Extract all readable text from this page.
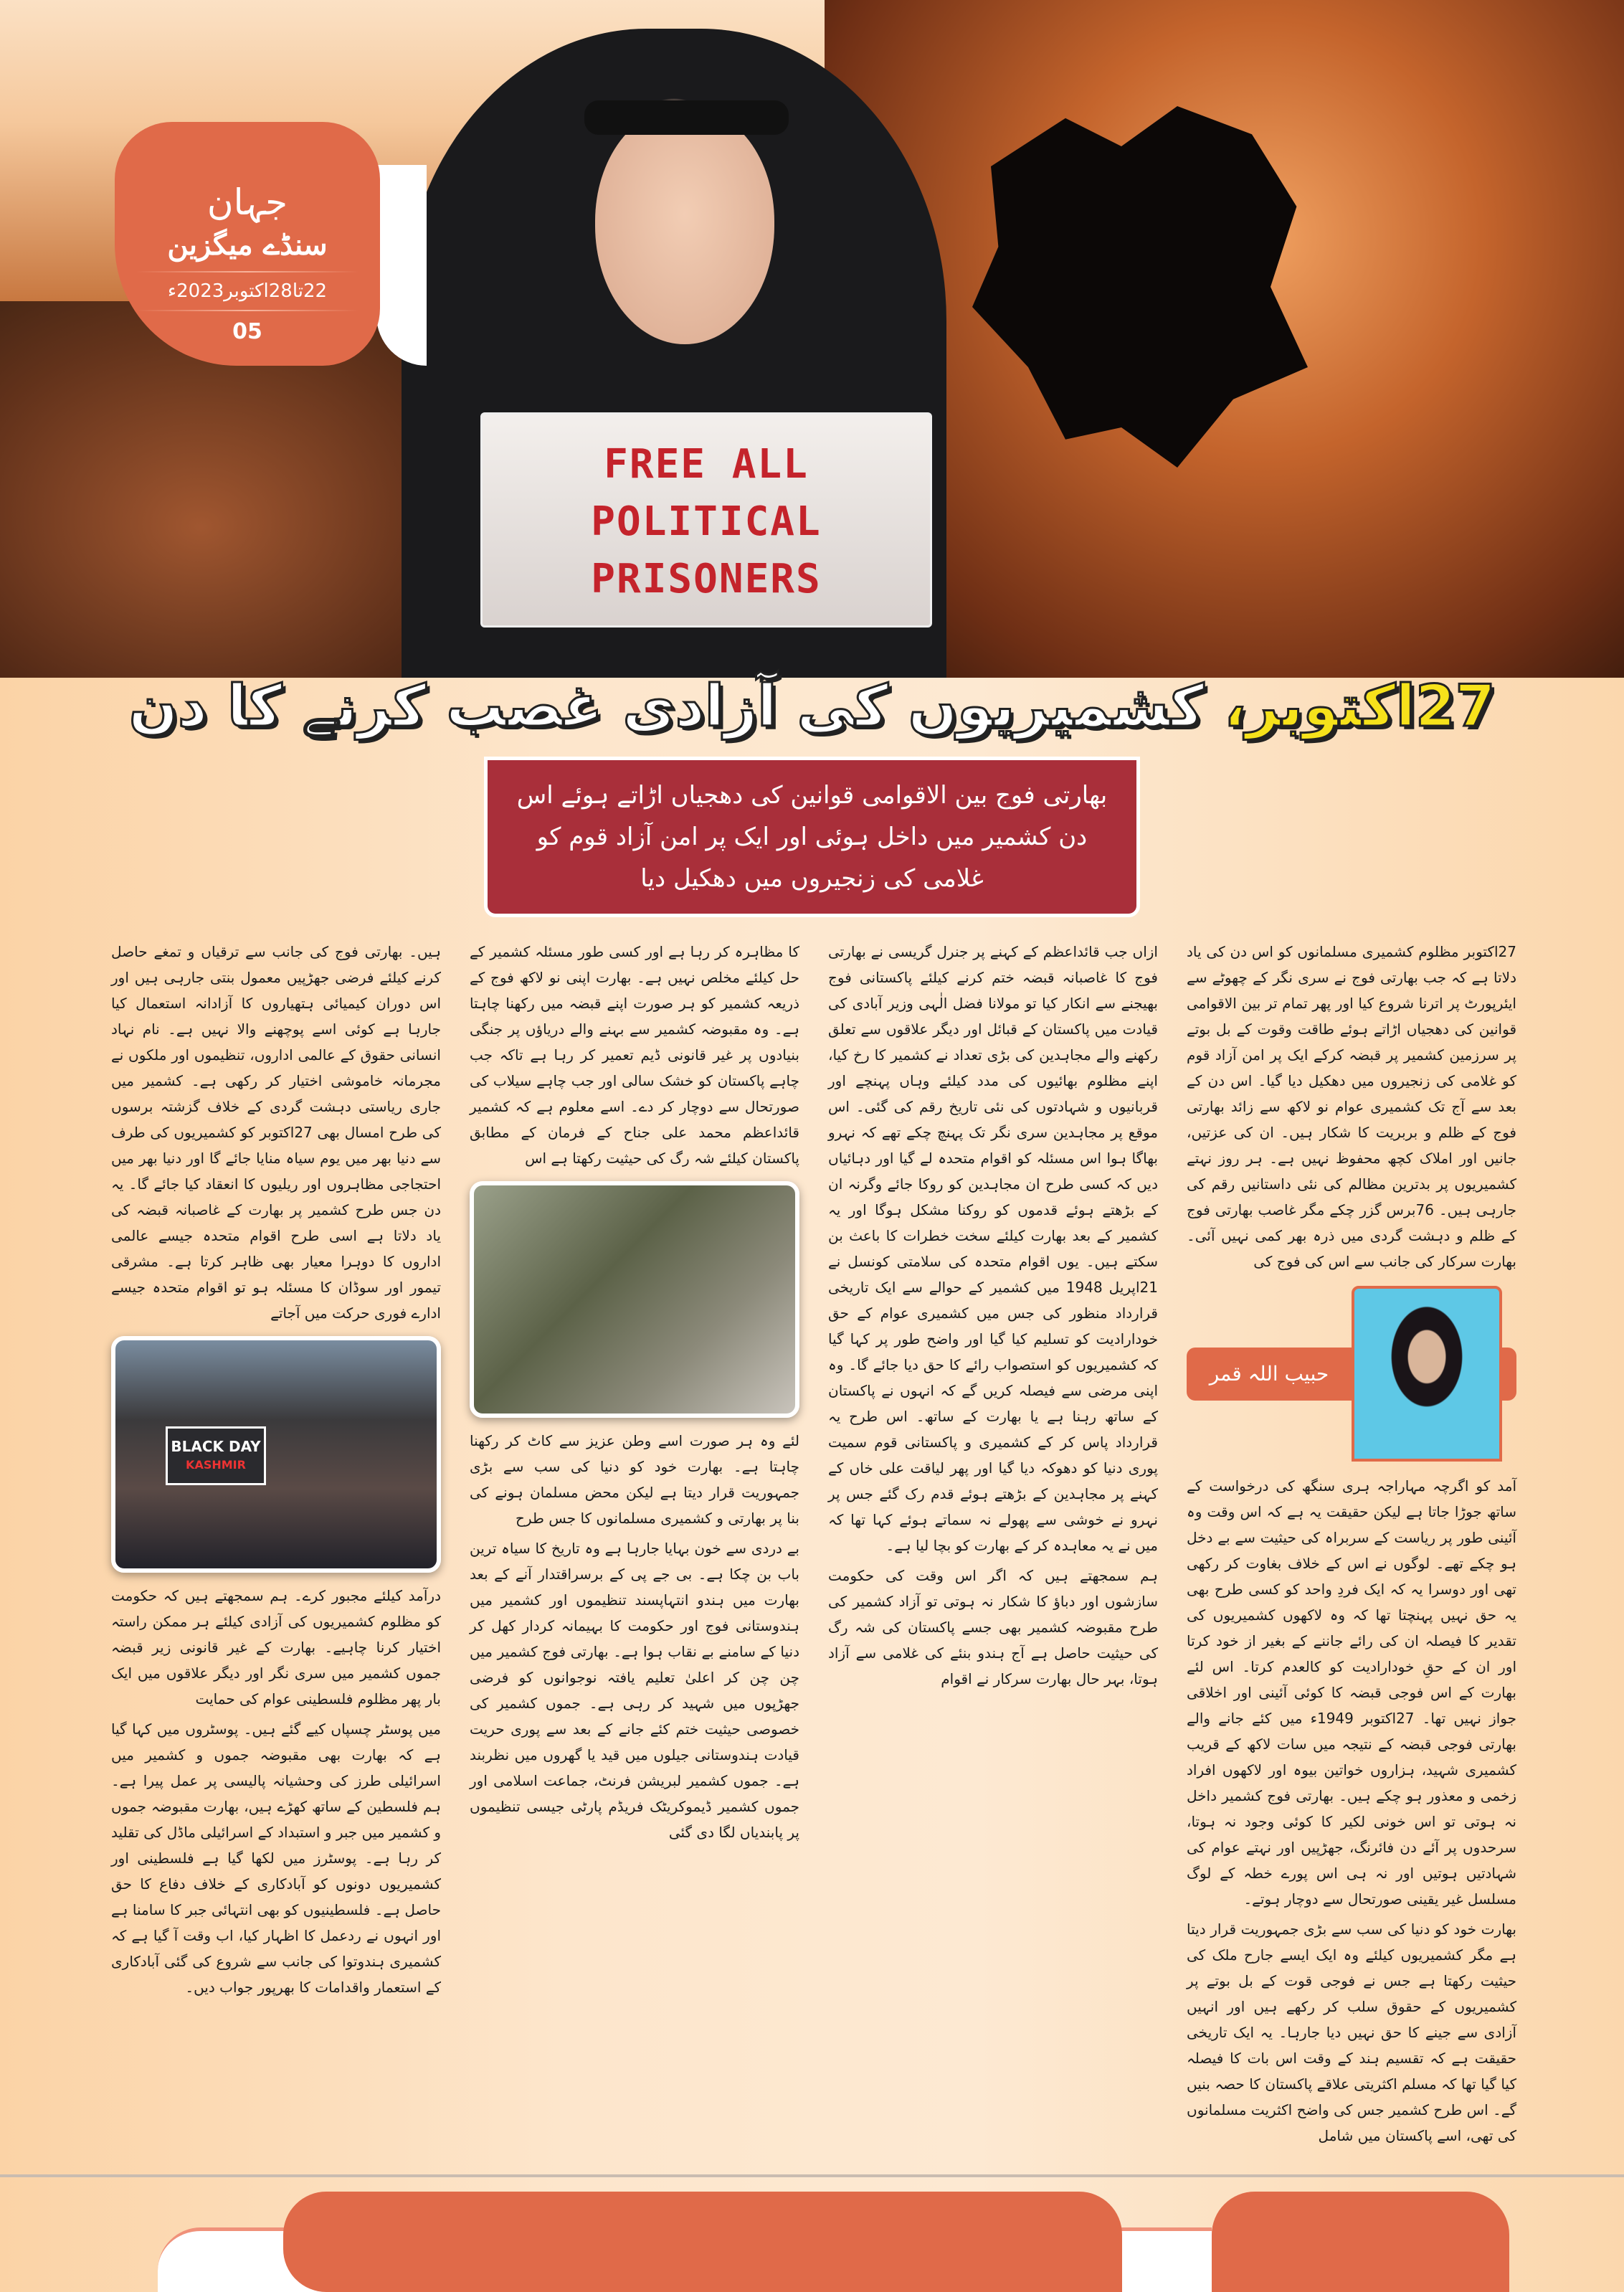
FREE ALL
POLITICAL
PRISONERS
جہان
سنڈے میگزین
22تا28اکتوبر2023ء
05
27اکتوبر، کشمیریوں کی آزادی غصب کرنے کا دن
بھارتی فوج بین الاقوامی قوانین کی دھجیاں اڑاتے ہوئے اس دن کشمیر میں داخل ہوئی اور ایک پر امن آزاد قوم کو غلامی کی زنجیروں میں دھکیل دیا

27اکتوبر مظلوم کشمیری مسلمانوں کو اس دن کی یاد دلاتا ہے کہ جب بھارتی فوج نے سری نگر کے چھوٹے سے ایئرپورٹ پر اترنا شروع کیا اور پھر تمام تر بین الاقوامی قوانین کی دھجیاں اڑاتے ہوئے طاقت وقوت کے بل بوتے پر سرزمین کشمیر پر قبضہ کرکے ایک پر امن آزاد قوم کو غلامی کی زنجیروں میں دھکیل دیا گیا۔ اس دن کے بعد سے آج تک کشمیری عوام نو لاکھ سے زائد بھارتی فوج کے ظلم و بربریت کا شکار ہیں۔ ان کی عزتیں، جانیں اور املاک کچھ محفوظ نہیں ہے۔ ہر روز نہتے کشمیریوں پر بدترین مظالم کی نئی داستانیں رقم کی جارہی ہیں۔ 76برس گزر چکے مگر غاصب بھارتی فوج کے ظلم و دہشت گردی میں ذرہ بھر کمی نہیں آئی۔ بھارت سرکار کی جانب سے اس کی فوج کی

حبیب اللہ قمر

آمد کو اگرچہ مہاراجہ ہری سنگھ کی درخواست کے ساتھ جوڑا جاتا ہے لیکن حقیقت یہ ہے کہ اس وقت وہ آئینی طور پر ریاست کے سربراہ کی حیثیت سے بے دخل ہو چکے تھے۔ لوگوں نے اس کے خلاف بغاوت کر رکھی تھی اور دوسرا یہ کہ ایک فردِ واحد کو کسی طرح بھی یہ حق نہیں پہنچتا تھا کہ وہ لاکھوں کشمیریوں کی تقدیر کا فیصلہ ان کی رائے جاننے کے بغیر از خود کرتا اور ان کے حقِ خودارادیت کو کالعدم کرتا۔ اس لئے بھارت کے اس فوجی قبضہ کا کوئی آئینی اور اخلاقی جواز نہیں تھا۔ 27اکتوبر 1949ء میں کئے جانے والے بھارتی فوجی قبضہ کے نتیجہ میں سات لاکھ کے قریب کشمیری شہید، ہزاروں خواتین بیوہ اور لاکھوں افراد زخمی و معذور ہو چکے ہیں۔ بھارتی فوج کشمیر داخل نہ ہوتی تو اس خونی لکیر کا کوئی وجود نہ ہوتا، سرحدوں پر آئے دن فائرنگ، جھڑپیں اور نہتے عوام کی شہادتیں ہوتیں اور نہ ہی اس پورے خطہ کے لوگ مسلسل غیر یقینی صورتحال سے دوچار ہوتے۔

بھارت خود کو دنیا کی سب سے بڑی جمہوریت قرار دیتا ہے مگر کشمیریوں کیلئے وہ ایک ایسے جارح ملک کی حیثیت رکھتا ہے جس نے فوجی قوت کے بل بوتے پر کشمیریوں کے حقوق سلب کر رکھے ہیں اور انہیں آزادی سے جینے کا حق نہیں دیا جارہا۔ یہ ایک تاریخی حقیقت ہے کہ تقسیم ہند کے وقت اس بات کا فیصلہ کیا گیا تھا کہ مسلم اکثریتی علاقے پاکستان کا حصہ بنیں گے۔ اس طرح کشمیر جس کی واضح اکثریت مسلمانوں کی تھی، اسے پاکستان میں شامل

ازاں جب قائداعظم کے کہنے پر جنرل گریسی نے بھارتی فوج کا غاصبانہ قبضہ ختم کرنے کیلئے پاکستانی فوج بھیجنے سے انکار کیا تو مولانا فضل الٰہی وزیر آبادی کی قیادت میں پاکستان کے قبائل اور دیگر علاقوں سے تعلق رکھنے والے مجاہدین کی بڑی تعداد نے کشمیر کا رخ کیا، اپنے مظلوم بھائیوں کی مدد کیلئے وہاں پہنچے اور قربانیوں و شہادتوں کی نئی تاریخ رقم کی گئی۔ اس موقع پر مجاہدین سری نگر تک پہنچ چکے تھے کہ نہرو بھاگا ہوا اس مسئلہ کو اقوام متحدہ لے گیا اور دہائیاں دیں کہ کسی طرح ان مجاہدین کو روکا جائے وگرنہ ان کے بڑھتے ہوئے قدموں کو روکنا مشکل ہوگا اور یہ کشمیر کے بعد بھارت کیلئے سخت خطرات کا باعث بن سکتے ہیں۔ یوں اقوام متحدہ کی سلامتی کونسل نے 21اپریل 1948 میں کشمیر کے حوالے سے ایک تاریخی قرارداد منظور کی جس میں کشمیری عوام کے حق خودارادیت کو تسلیم کیا گیا اور واضح طور پر کہا گیا کہ کشمیریوں کو استصواب رائے کا حق دیا جائے گا۔ وہ اپنی مرضی سے فیصلہ کریں گے کہ انہوں نے پاکستان کے ساتھ رہنا ہے یا بھارت کے ساتھ۔ اس طرح یہ قرارداد پاس کر کے کشمیری و پاکستانی قوم سمیت پوری دنیا کو دھوکہ دیا گیا اور پھر لیاقت علی خاں کے کہنے پر مجاہدین کے بڑھتے ہوئے قدم رک گئے جس پر نہرو نے خوشی سے پھولے نہ سماتے ہوئے کہا تھا کہ میں نے یہ معاہدہ کر کے بھارت کو بچا لیا ہے۔

ہم سمجھتے ہیں کہ اگر اس وقت کی حکومت سازشوں اور دباؤ کا شکار نہ ہوتی تو آزاد کشمیر کی طرح مقبوضہ کشمیر بھی جسے پاکستان کی شہ رگ کی حیثیت حاصل ہے آج ہندو بنئے کی غلامی سے آزاد ہوتا، بہر حال بھارت سرکار نے اقوام

کا مظاہرہ کر رہا ہے اور کسی طور مسئلہ کشمیر کے حل کیلئے مخلص نہیں ہے۔ بھارت اپنی نو لاکھ فوج کے ذریعہ کشمیر کو ہر صورت اپنے قبضہ میں رکھنا چاہتا ہے۔ وہ مقبوضہ کشمیر سے بہنے والے دریاؤں پر جنگی بنیادوں پر غیر قانونی ڈیم تعمیر کر رہا ہے تاکہ جب چاہے پاکستان کو خشک سالی اور جب چاہے سیلاب کی صورتحال سے دوچار کر دے۔ اسے معلوم ہے کہ کشمیر قائداعظم محمد علی جناح کے فرمان کے مطابق پاکستان کیلئے شہ رگ کی حیثیت رکھتا ہے اس

لئے وہ ہر صورت اسے وطن عزیز سے کاٹ کر رکھنا چاہتا ہے۔ بھارت خود کو دنیا کی سب سے بڑی جمہوریت قرار دیتا ہے لیکن محض مسلمان ہونے کی بنا پر بھارتی و کشمیری مسلمانوں کا جس طرح

بے دردی سے خون بہایا جارہا ہے وہ تاریخ کا سیاہ ترین باب بن چکا ہے۔ بی جے پی کے برسراقتدار آنے کے بعد بھارت میں ہندو انتہاپسند تنظیموں اور کشمیر میں ہندوستانی فوج اور حکومت کا بہیمانہ کردار کھل کر دنیا کے سامنے بے نقاب ہوا ہے۔ بھارتی فوج کشمیر میں چن چن کر اعلیٰ تعلیم یافتہ نوجوانوں کو فرضی جھڑپوں میں شہید کر رہی ہے۔ جموں کشمیر کی خصوصی حیثیت ختم کئے جانے کے بعد سے پوری حریت قیادت ہندوستانی جیلوں میں قید یا گھروں میں نظربند ہے۔ جموں کشمیر لبریشن فرنٹ، جماعت اسلامی اور جموں کشمیر ڈیموکریٹک فریڈم پارٹی جیسی تنظیموں پر پابندیاں لگا دی گئی

ہیں۔ بھارتی فوج کی جانب سے ترقیاں و تمغے حاصل کرنے کیلئے فرضی جھڑپیں معمول بنتی جارہی ہیں اور اس دوران کیمیائی ہتھیاروں کا آزادانہ استعمال کیا جارہا ہے کوئی اسے پوچھنے والا نہیں ہے۔ نام نہاد انسانی حقوق کے عالمی اداروں، تنظیموں اور ملکوں نے مجرمانہ خاموشی اختیار کر رکھی ہے۔ کشمیر میں جاری ریاستی دہشت گردی کے خلاف گزشتہ برسوں کی طرح امسال بھی 27اکتوبر کو کشمیریوں کی طرف سے دنیا بھر میں یوم سیاہ منایا جائے گا اور دنیا بھر میں احتجاجی مظاہروں اور ریلیوں کا انعقاد کیا جائے گا۔ یہ دن جس طرح کشمیر پر بھارت کے غاصبانہ قبضہ کی یاد دلاتا ہے اسی طرح اقوام متحدہ جیسے عالمی اداروں کا دوہرا معیار بھی ظاہر کرتا ہے۔ مشرقی تیمور اور سوڈان کا مسئلہ ہو تو اقوام متحدہ جیسے ادارے فوری حرکت میں آجاتے

BLACK DAY
KASHMIR

درآمد کیلئے مجبور کرے۔ ہم سمجھتے ہیں کہ حکومت کو مظلوم کشمیریوں کی آزادی کیلئے ہر ممکن راستہ اختیار کرنا چاہیے۔ بھارت کے غیر قانونی زیر قبضہ جموں کشمیر میں سری نگر اور دیگر علاقوں میں ایک بار پھر مظلوم فلسطینی عوام کی حمایت

میں پوسٹر چسپاں کیے گئے ہیں۔ پوسٹروں میں کہا گیا ہے کہ بھارت بھی مقبوضہ جموں و کشمیر میں اسرائیلی طرز کی وحشیانہ پالیسی پر عمل پیرا ہے۔ ہم فلسطین کے ساتھ کھڑے ہیں، بھارت مقبوضہ جموں و کشمیر میں جبر و استبداد کے اسرائیلی ماڈل کی تقلید کر رہا ہے۔ پوسٹرز میں لکھا گیا ہے فلسطینی اور کشمیریوں دونوں کو آبادکاری کے خلاف دفاع کا حق حاصل ہے۔ فلسطینیوں کو بھی انتہائی جبر کا سامنا ہے اور انہوں نے ردعمل کا اظہار کیا، اب وقت آ گیا ہے کہ کشمیری ہندوتوا کی جانب سے شروع کی گئی آبادکاری کے استعمار واقدامات کا بھرپور جواب دیں۔
